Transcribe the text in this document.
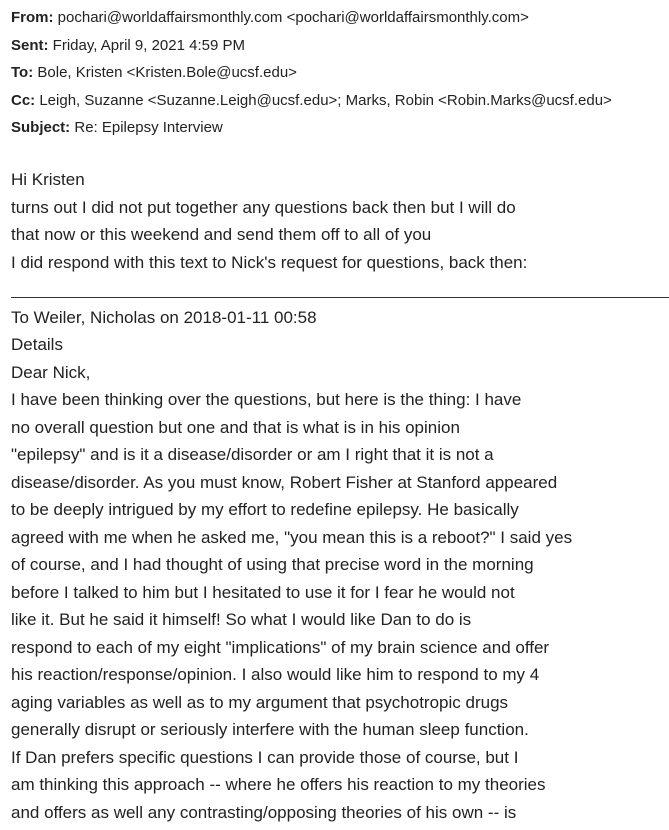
From: pochari@worldaffairsmonthly.com <pochari@worldaffairsmonthly.com>
Sent: Friday, April 9, 2021 4:59 PM
To: Bole, Kristen <Kristen.Bole@ucsf.edu>
Cc: Leigh, Suzanne <Suzanne.Leigh@ucsf.edu>; Marks, Robin <Robin.Marks@ucsf.edu>
Subject: Re: Epilepsy Interview
Hi Kristen
turns out I did not put together any questions back then but I will do
that now or this weekend and send them off to all of you
I did respond with this text to Nick's request for questions, back then:
To Weiler, Nicholas on 2018-01-11 00:58
Details
Dear Nick,
I have been thinking over the questions, but here is the thing: I have
no overall question but one and that is what is in his opinion
"epilepsy" and is it a disease/disorder or am I right that it is not a
disease/disorder. As you must know, Robert Fisher at Stanford appeared
to be deeply intrigued by my effort to redefine epilepsy. He basically
agreed with me when he asked me, "you mean this is a reboot?" I said yes
of course, and I had thought of using that precise word in the morning
before I talked to him but I hesitated to use it for I fear he would not
like it. But he said it himself! So what I would like Dan to do is
respond to each of my eight "implications" of my brain science and offer
his reaction/response/opinion. I also would like him to respond to my 4
aging variables as well as to my argument that psychotropic drugs
generally disrupt or seriously interfere with the human sleep function.
If Dan prefers specific questions I can provide those of course, but I
am thinking this approach -- where he offers his reaction to my theories
and offers as well any contrasting/opposing theories of his own -- is
